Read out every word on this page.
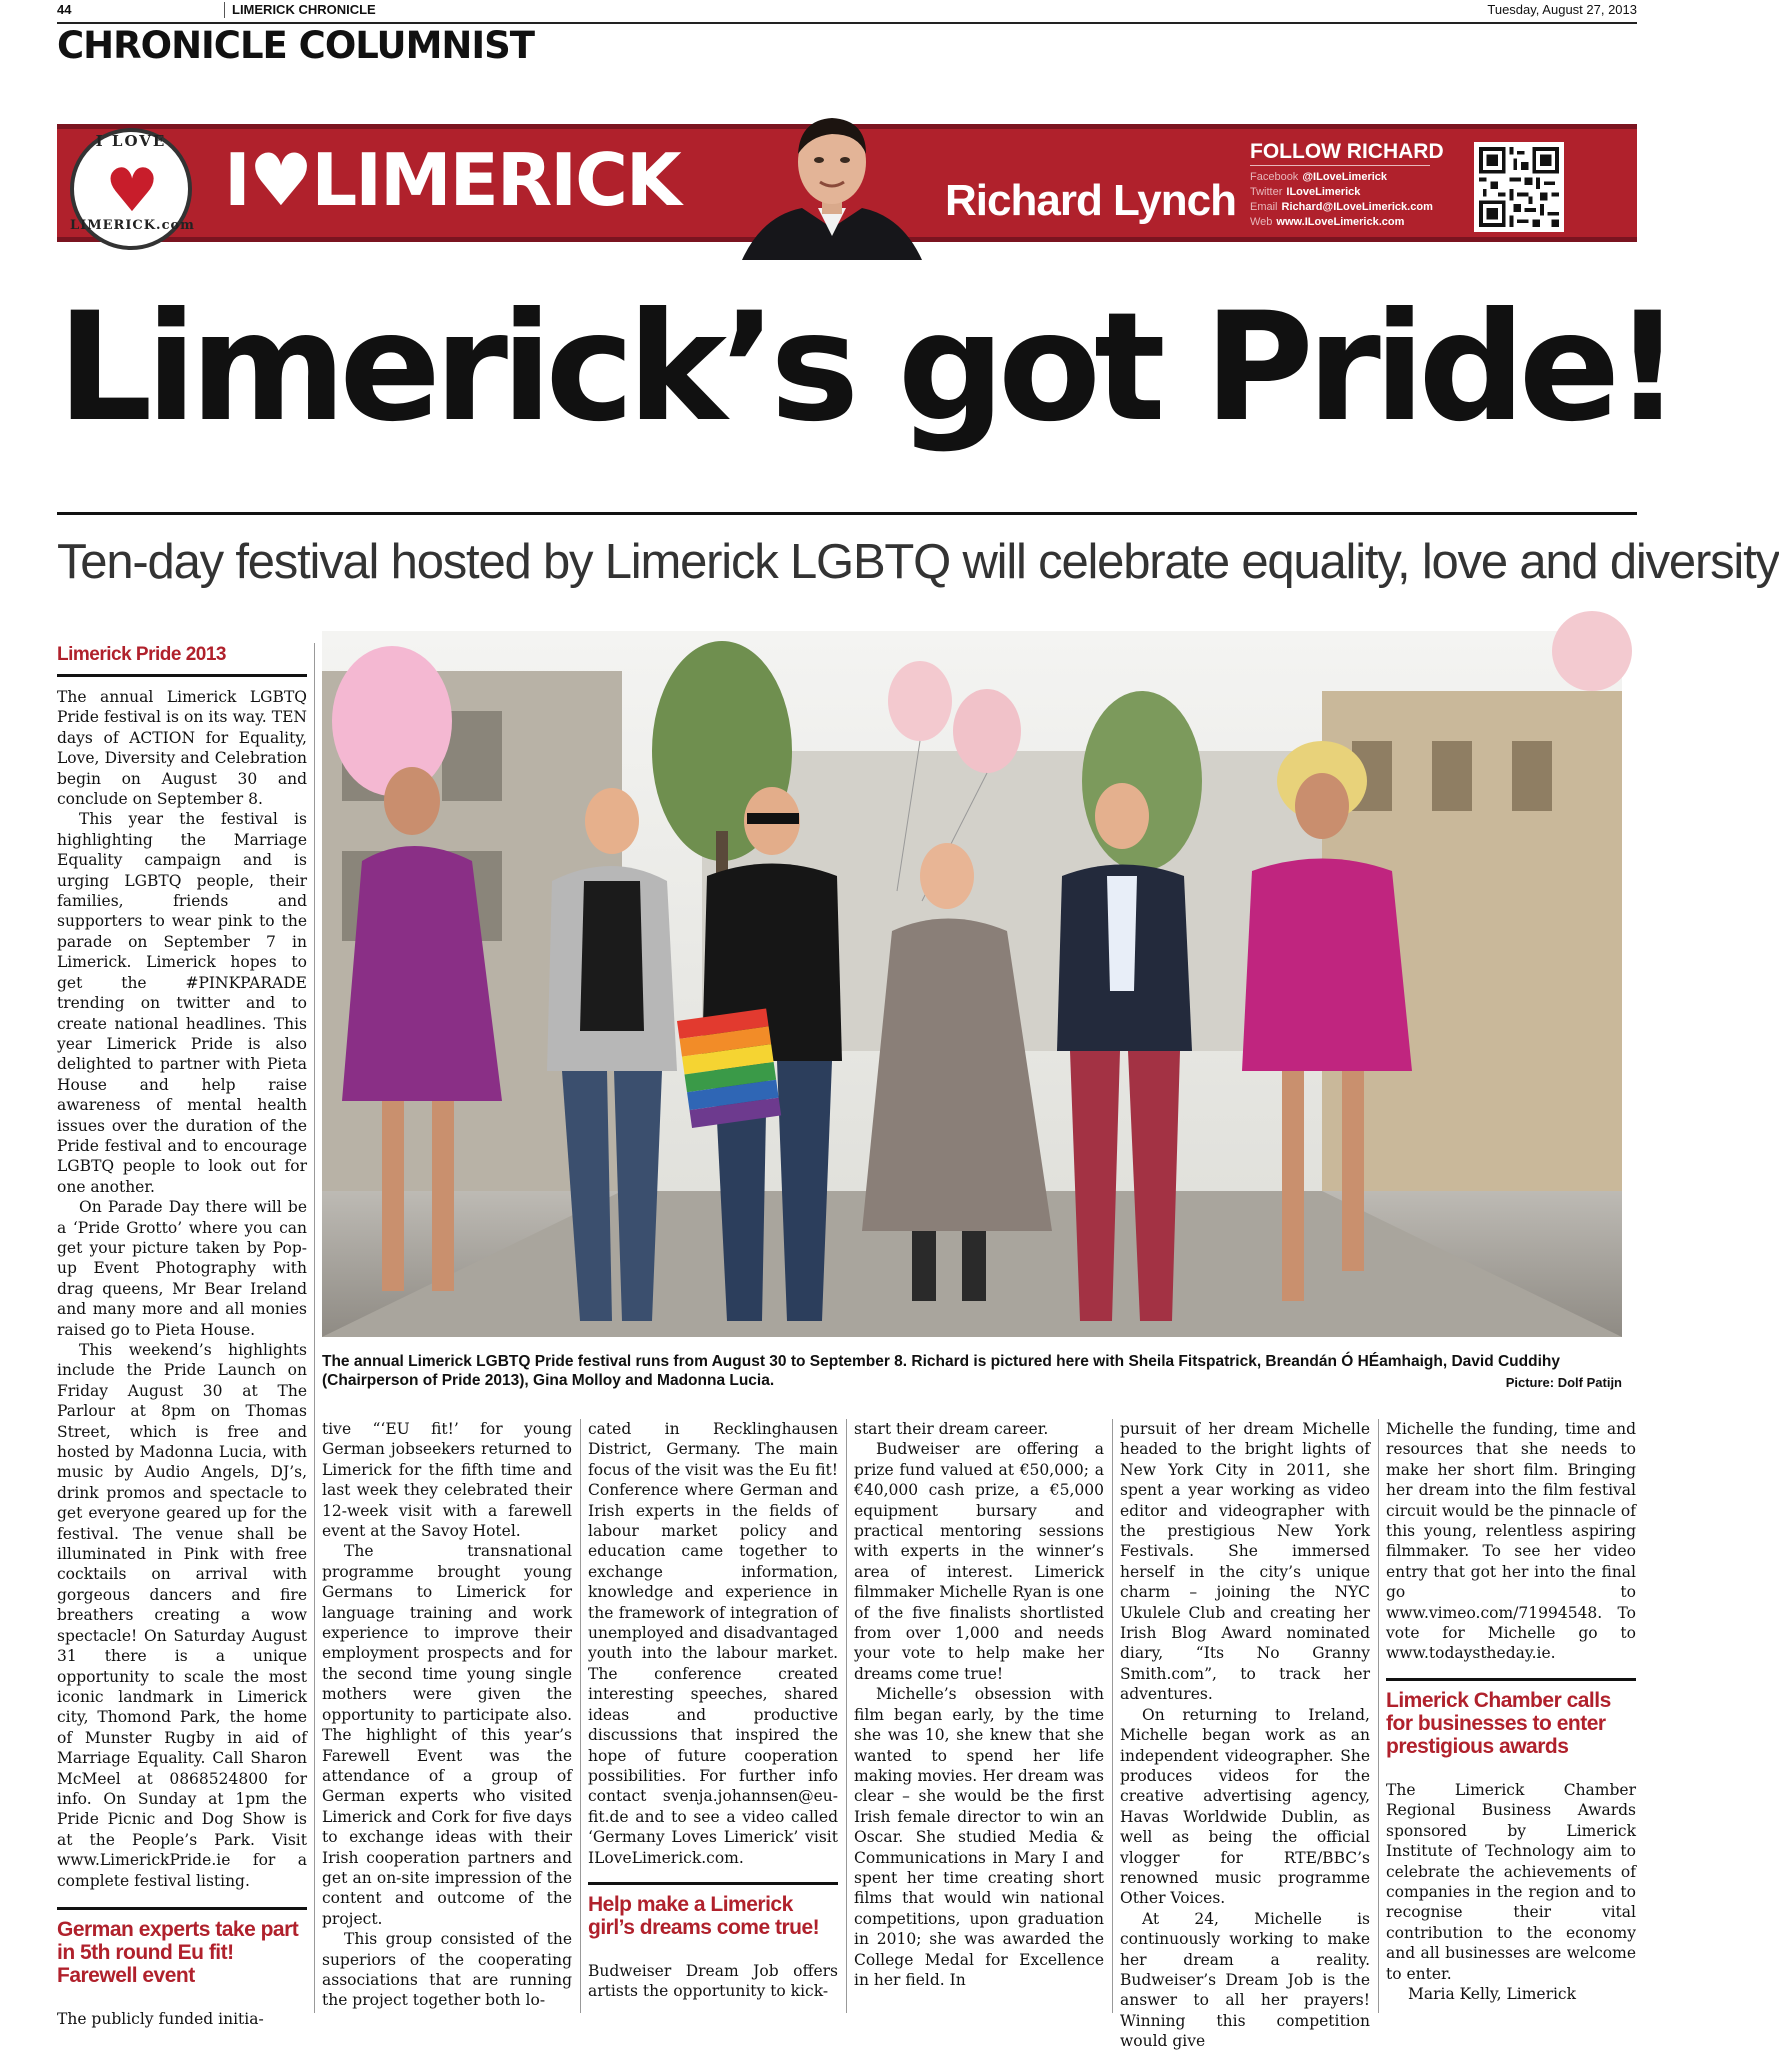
44	LIMERICK CHRONICLE	Tuesday, August 27, 2013
CHRONICLE COLUMNIST
I LOVE
♥
LIMERICK.com
I♥LIMERICK	Richard Lynch
FOLLOW RICHARD
Facebook @ILoveLimerick
Twitter ILoveLimerick
Email Richard@ILoveLimerick.com
Web www.ILoveLimerick.com
Limerick’s got Pride!
Ten-day festival hosted by Limerick LGBTQ will celebrate equality, love and diversity
Limerick Pride 2013

The annual Limerick LGBTQ Pride festival is on its way. TEN days of ACTION for Equality, Love, Diversity and Celebration begin on August 30 and conclude on September 8.

This year the festival is highlighting the Marriage Equality campaign and is urging LGBTQ people, their families, friends and supporters to wear pink to the parade on September 7 in Limerick. Limerick hopes to get the #PINKPARADE trending on twitter and to create national headlines. This year Limerick Pride is also delighted to partner with Pieta House and help raise awareness of mental health issues over the duration of the Pride festival and to encourage LGBTQ people to look out for one another.

On Parade Day there will be a ‘Pride Grotto’ where you can get your picture taken by Pop-up Event Photography with drag queens, Mr Bear Ireland and many more and all monies raised go to Pieta House.

This weekend’s highlights include the Pride Launch on Friday August 30 at The Parlour at 8pm on Thomas Street, which is free and hosted by Madonna Lucia, with music by Audio Angels, DJ’s, drink promos and spectacle to get everyone geared up for the festival. The venue shall be illuminated in Pink with free cocktails on arrival with gorgeous dancers and fire breathers creating a wow spectacle! On Saturday August 31 there is a unique opportunity to scale the most iconic landmark in Limerick city, Thomond Park, the home of Munster Rugby in aid of Marriage Equality. Call Sharon McMeel at 0868524800 for info. On Sunday at 1pm the Pride Picnic and Dog Show is at the People’s Park. Visit www.LimerickPride.ie for a complete festival listing.

German experts take part in 5th round Eu fit! Farewell event

The publicly funded initia-

The annual Limerick LGBTQ Pride festival runs from August 30 to September 8. Richard is pictured here with Sheila Fitspatrick, Breandán Ó HÉamhaigh, David Cuddihy (Chairperson of Pride 2013), Gina Molloy and Madonna Lucia.	Picture: Dolf Patijn

tive “‘EU fit!’ for young German jobseekers returned to Limerick for the fifth time and last week they celebrated their 12-week visit with a farewell event at the Savoy Hotel.

The transnational programme brought young Germans to Limerick for language training and work experience to improve their employment prospects and for the second time young single mothers were given the opportunity to participate also. The highlight of this year’s Farewell Event was the attendance of a group of German experts who visited Limerick and Cork for five days to exchange ideas with their Irish cooperation partners and get an on-site impression of the content and outcome of the project.

This group consisted of the superiors of the cooperating associations that are running the project together both lo-

cated in Recklinghausen District, Germany. The main focus of the visit was the Eu fit! Conference where German and Irish experts in the fields of labour market policy and education came together to exchange information, knowledge and experience in the framework of integration of unemployed and disadvantaged youth into the labour market. The conference created interesting speeches, shared ideas and productive discussions that inspired the hope of future cooperation possibilities. For further info contact svenja.johannsen@eu-fit.de and to see a video called ‘Germany Loves Limerick’ visit ILoveLimerick.com.

Help make a Limerick girl’s dreams come true!

Budweiser Dream Job offers artists the opportunity to kick-

start their dream career.

Budweiser are offering a prize fund valued at €50,000; a €40,000 cash prize, a €5,000 equipment bursary and practical mentoring sessions with experts in the winner’s area of interest. Limerick filmmaker Michelle Ryan is one of the five finalists shortlisted from over 1,000 and needs your vote to help make her dreams come true!

Michelle’s obsession with film began early, by the time she was 10, she knew that she wanted to spend her life making movies. Her dream was clear – she would be the first Irish female director to win an Oscar. She studied Media & Communications in Mary I and spent her time creating short films that would win national competitions, upon graduation in 2010; she was awarded the College Medal for Excellence in her field. In

pursuit of her dream Michelle headed to the bright lights of New York City in 2011, she spent a year working as video editor and videographer with the prestigious New York Festivals. She immersed herself in the city’s unique charm – joining the NYC Ukulele Club and creating her Irish Blog Award nominated diary, “Its No Granny Smith.com”, to track her adventures.

On returning to Ireland, Michelle began work as an independent videographer. She produces videos for the creative advertising agency, Havas Worldwide Dublin, as well as being the official vlogger for RTE/BBC’s renowned music programme Other Voices.

At 24, Michelle is continuously working to make her dream a reality. Budweiser’s Dream Job is the answer to all her prayers! Winning this competition would give

Michelle the funding, time and resources that she needs to make her short film. Bringing her dream into the film festival circuit would be the pinnacle of this young, relentless aspiring filmmaker. To see her video entry that got her into the final go to www.vimeo.com/71994548. To vote for Michelle go to www.todaystheday.ie.

Limerick Chamber calls for businesses to enter prestigious awards

The Limerick Chamber Regional Business Awards sponsored by Limerick Institute of Technology aim to celebrate the achievements of companies in the region and to recognise their vital contribution to the economy and all businesses are welcome to enter.

Maria Kelly, Limerick
